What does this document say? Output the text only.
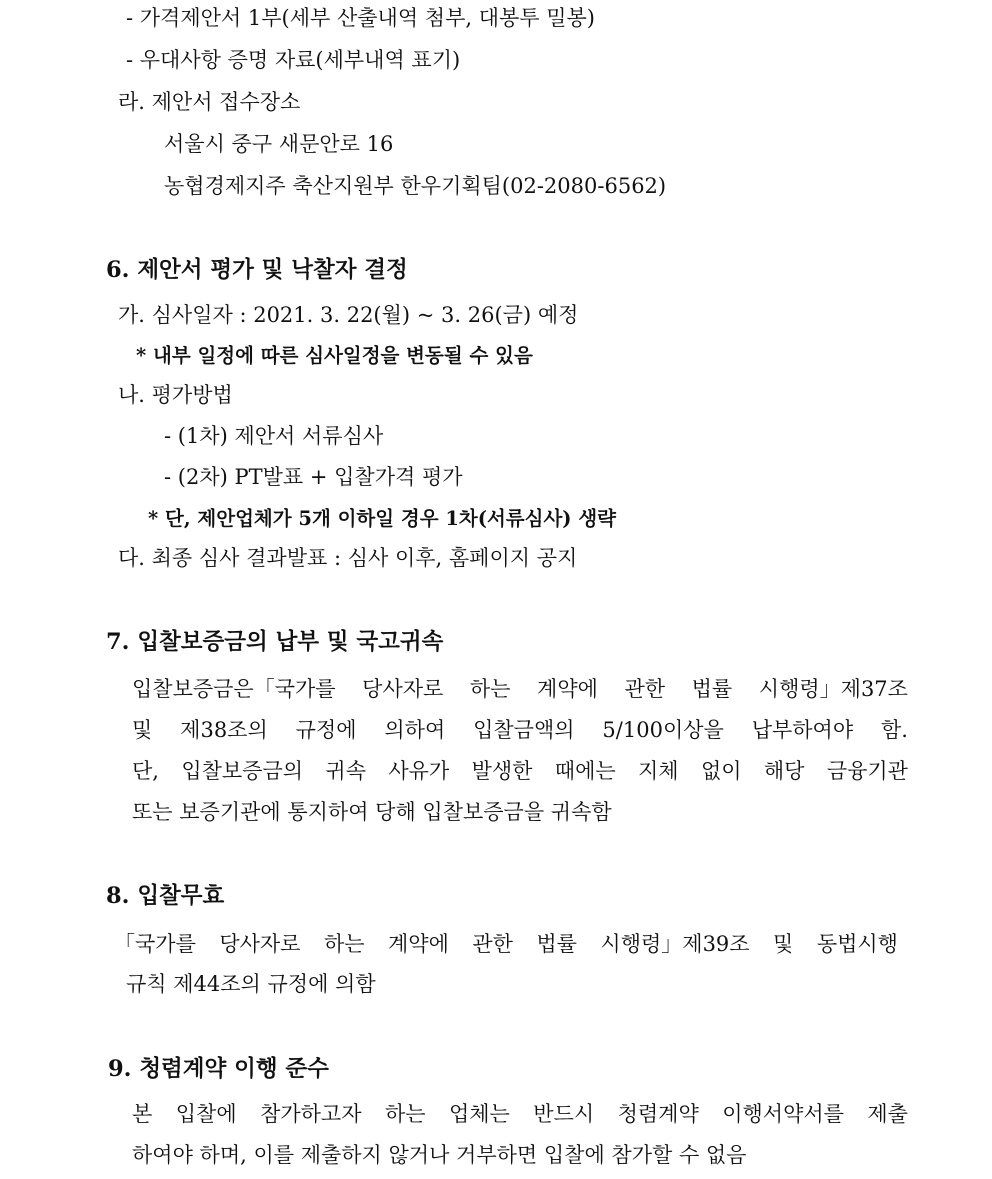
- 가격제안서 1부(세부 산출내역 첨부, 대봉투 밀봉)
- 우대사항 증명 자료(세부내역 표기)
라. 제안서 접수장소
서울시 중구 새문안로 16
농협경제지주 축산지원부 한우기획팀(02-2080-6562)
6. 제안서 평가 및 낙찰자 결정
가. 심사일자 : 2021. 3. 22(월) ~ 3. 26(금) 예정
* 내부 일정에 따른 심사일정을 변동될 수 있음
나. 평가방법
- (1차) 제안서 서류심사
- (2차) PT발표 + 입찰가격 평가
* 단, 제안업체가 5개 이하일 경우 1차(서류심사) 생략
다. 최종 심사 결과발표 : 심사 이후, 홈페이지 공지
7. 입찰보증금의 납부 및 국고귀속
입찰보증금은「국가를 당사자로 하는 계약에 관한 법률 시행령」제37조
및 제38조의 규정에 의하여 입찰금액의 5/100이상을 납부하여야 함.
단, 입찰보증금의 귀속 사유가 발생한 때에는 지체 없이 해당 금융기관
또는 보증기관에 통지하여 당해 입찰보증금을 귀속함
8. 입찰무효
「국가를 당사자로 하는 계약에 관한 법률 시행령」제39조 및 동법시행
규칙 제44조의 규정에 의함
9. 청렴계약 이행 준수
본 입찰에 참가하고자 하는 업체는 반드시 청렴계약 이행서약서를 제출
하여야 하며, 이를 제출하지 않거나 거부하면 입찰에 참가할 수 없음
